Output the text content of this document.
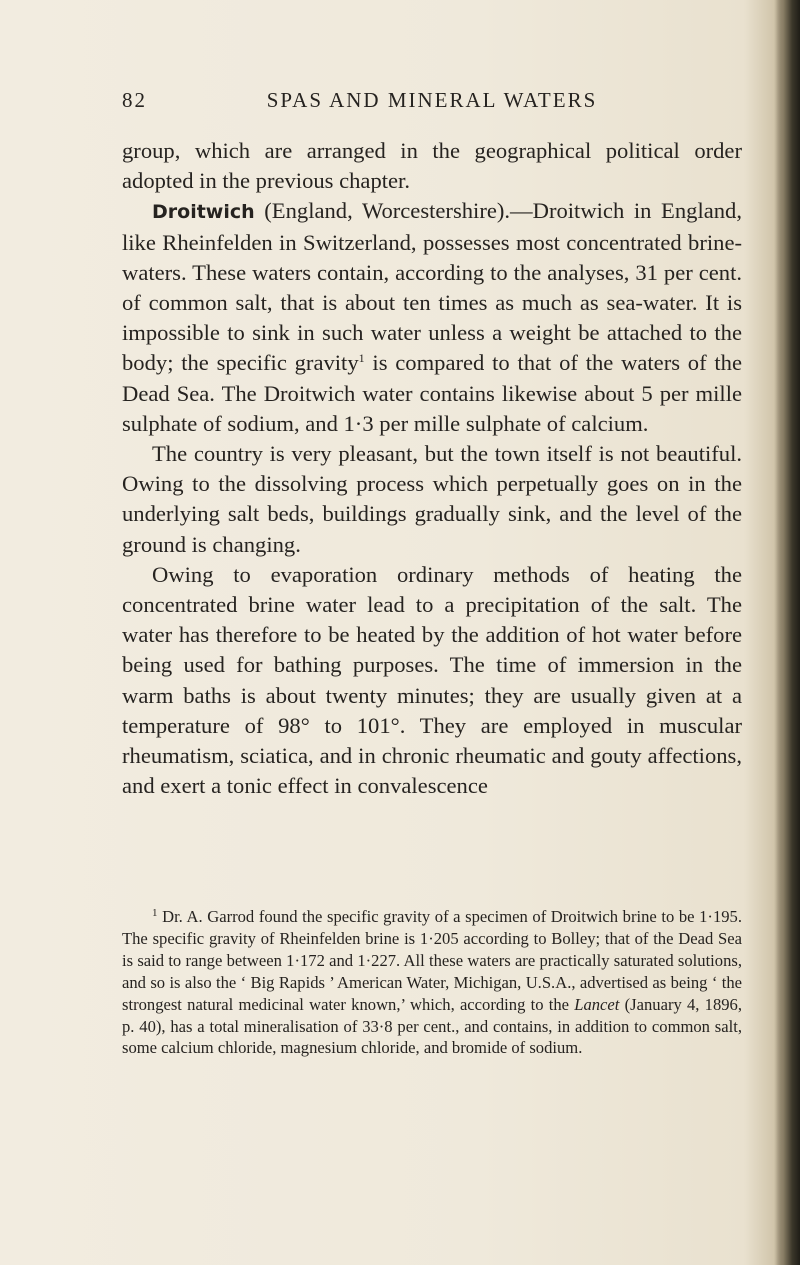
82	SPAS AND MINERAL WATERS

group, which are arranged in the geographical political order adopted in the previous chapter.

Droitwich (England, Worcestershire).—Droitwich in England, like Rheinfelden in Switzerland, possesses most concentrated brine-waters. These waters contain, according to the analyses, 31 per cent. of common salt, that is about ten times as much as sea-water. It is impossible to sink in such water unless a weight be attached to the body; the specific gravity$^1$ is compared to that of the waters of the Dead Sea. The Droitwich water contains likewise about 5 per mille sulphate of sodium, and 1·3 per mille sulphate of calcium.

The country is very pleasant, but the town itself is not beautiful. Owing to the dissolving process which perpetually goes on in the underlying salt beds, buildings gradually sink, and the level of the ground is changing.

Owing to evaporation ordinary methods of heating the concentrated brine water lead to a precipitation of the salt. The water has therefore to be heated by the addition of hot water before being used for bathing purposes. The time of immersion in the warm baths is about twenty minutes; they are usually given at a temperature of 98° to 101°. They are employed in muscular rheumatism, sciatica, and in chronic rheumatic and gouty affections, and exert a tonic effect in convalescence

$^1$ Dr. A. Garrod found the specific gravity of a specimen of Droitwich brine to be 1·195. The specific gravity of Rheinfelden brine is 1·205 according to Bolley; that of the Dead Sea is said to range between 1·172 and 1·227. All these waters are practically saturated solutions, and so is also the ‘ Big Rapids ’ American Water, Michigan, U.S.A., advertised as being ‘ the strongest natural medicinal water known,’ which, according to the Lancet (January 4, 1896, p. 40), has a total mineralisation of 33·8 per cent., and contains, in addition to common salt, some calcium chloride, magnesium chloride, and bromide of sodium.
